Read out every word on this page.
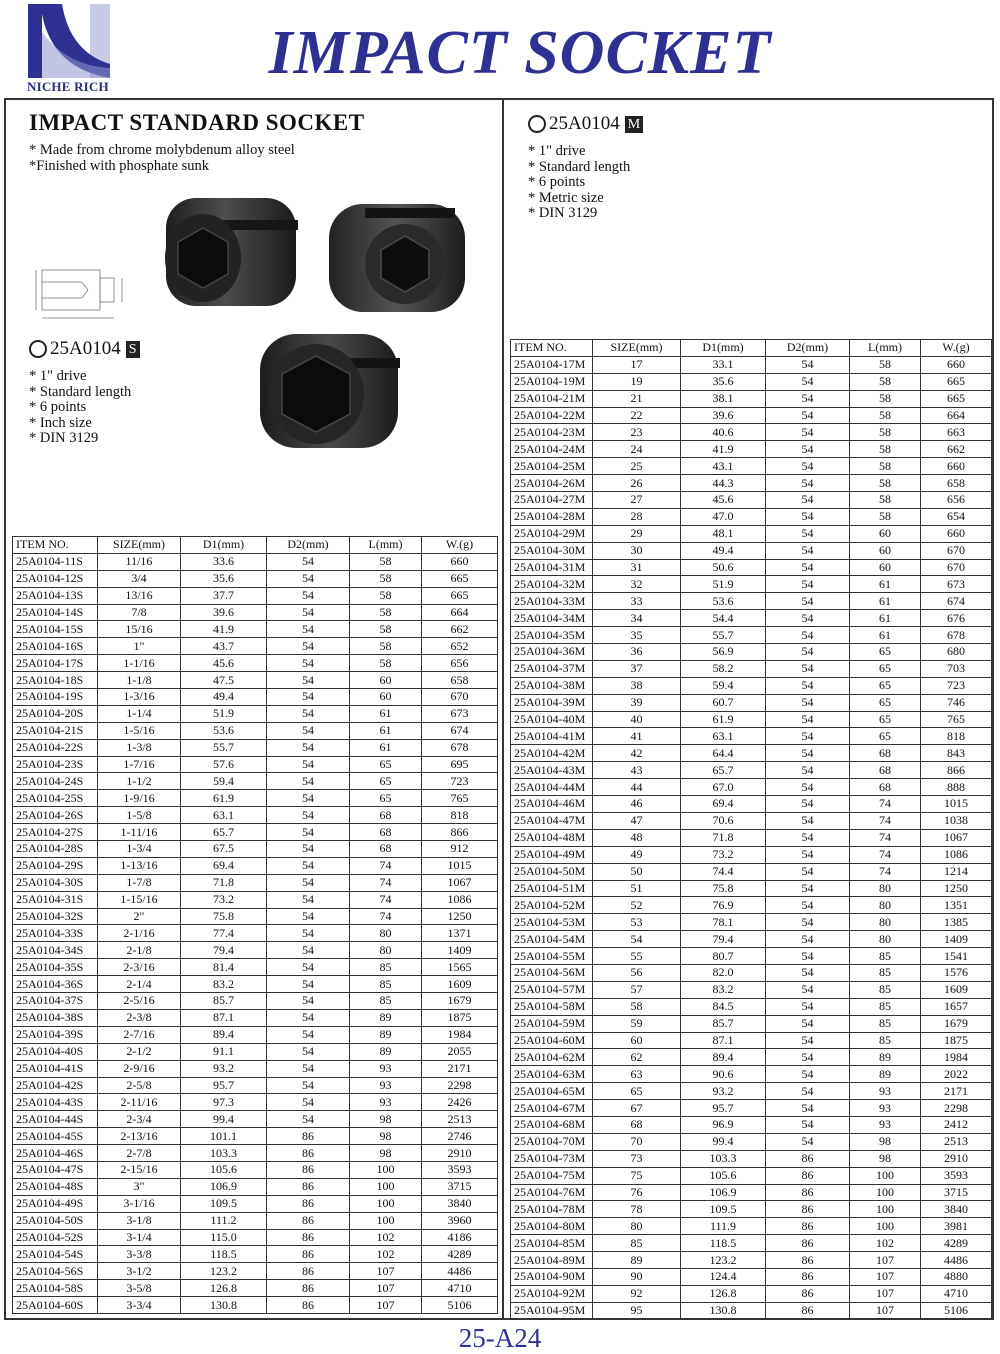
NICHE RICH	IMPACT SOCKET
IMPACT STANDARD SOCKET
* Made from chrome molybdenum alloy steel
*Finished with phosphate sunk
25A0104 S
* 1" drive
* Standard length
* 6 points
* Inch size
* DIN 3129
ITEM NO.	SIZE(mm)	D1(mm)	D2(mm)	L(mm)	W.(g)
25A0104-11S	11/16	33.6	54	58	660
25A0104-12S	3/4	35.6	54	58	665
25A0104-13S	13/16	37.7	54	58	665
25A0104-14S	7/8	39.6	54	58	664
25A0104-15S	15/16	41.9	54	58	662
25A0104-16S	1"	43.7	54	58	652
25A0104-17S	1-1/16	45.6	54	58	656
25A0104-18S	1-1/8	47.5	54	60	658
25A0104-19S	1-3/16	49.4	54	60	670
25A0104-20S	1-1/4	51.9	54	61	673
25A0104-21S	1-5/16	53.6	54	61	674
25A0104-22S	1-3/8	55.7	54	61	678
25A0104-23S	1-7/16	57.6	54	65	695
25A0104-24S	1-1/2	59.4	54	65	723
25A0104-25S	1-9/16	61.9	54	65	765
25A0104-26S	1-5/8	63.1	54	68	818
25A0104-27S	1-11/16	65.7	54	68	866
25A0104-28S	1-3/4	67.5	54	68	912
25A0104-29S	1-13/16	69.4	54	74	1015
25A0104-30S	1-7/8	71.8	54	74	1067
25A0104-31S	1-15/16	73.2	54	74	1086
25A0104-32S	2"	75.8	54	74	1250
25A0104-33S	2-1/16	77.4	54	80	1371
25A0104-34S	2-1/8	79.4	54	80	1409
25A0104-35S	2-3/16	81.4	54	85	1565
25A0104-36S	2-1/4	83.2	54	85	1609
25A0104-37S	2-5/16	85.7	54	85	1679
25A0104-38S	2-3/8	87.1	54	89	1875
25A0104-39S	2-7/16	89.4	54	89	1984
25A0104-40S	2-1/2	91.1	54	89	2055
25A0104-41S	2-9/16	93.2	54	93	2171
25A0104-42S	2-5/8	95.7	54	93	2298
25A0104-43S	2-11/16	97.3	54	93	2426
25A0104-44S	2-3/4	99.4	54	98	2513
25A0104-45S	2-13/16	101.1	86	98	2746
25A0104-46S	2-7/8	103.3	86	98	2910
25A0104-47S	2-15/16	105.6	86	100	3593
25A0104-48S	3"	106.9	86	100	3715
25A0104-49S	3-1/16	109.5	86	100	3840
25A0104-50S	3-1/8	111.2	86	100	3960
25A0104-52S	3-1/4	115.0	86	102	4186
25A0104-54S	3-3/8	118.5	86	102	4289
25A0104-56S	3-1/2	123.2	86	107	4486
25A0104-58S	3-5/8	126.8	86	107	4710
25A0104-60S	3-3/4	130.8	86	107	5106
25A0104 M
* 1" drive
* Standard length
* 6 points
* Metric size
* DIN 3129
ITEM NO.	SIZE(mm)	D1(mm)	D2(mm)	L(mm)	W.(g)
25A0104-17M	17	33.1	54	58	660
25A0104-19M	19	35.6	54	58	665
25A0104-21M	21	38.1	54	58	665
25A0104-22M	22	39.6	54	58	664
25A0104-23M	23	40.6	54	58	663
25A0104-24M	24	41.9	54	58	662
25A0104-25M	25	43.1	54	58	660
25A0104-26M	26	44.3	54	58	658
25A0104-27M	27	45.6	54	58	656
25A0104-28M	28	47.0	54	58	654
25A0104-29M	29	48.1	54	60	660
25A0104-30M	30	49.4	54	60	670
25A0104-31M	31	50.6	54	60	670
25A0104-32M	32	51.9	54	61	673
25A0104-33M	33	53.6	54	61	674
25A0104-34M	34	54.4	54	61	676
25A0104-35M	35	55.7	54	61	678
25A0104-36M	36	56.9	54	65	680
25A0104-37M	37	58.2	54	65	703
25A0104-38M	38	59.4	54	65	723
25A0104-39M	39	60.7	54	65	746
25A0104-40M	40	61.9	54	65	765
25A0104-41M	41	63.1	54	65	818
25A0104-42M	42	64.4	54	68	843
25A0104-43M	43	65.7	54	68	866
25A0104-44M	44	67.0	54	68	888
25A0104-46M	46	69.4	54	74	1015
25A0104-47M	47	70.6	54	74	1038
25A0104-48M	48	71.8	54	74	1067
25A0104-49M	49	73.2	54	74	1086
25A0104-50M	50	74.4	54	74	1214
25A0104-51M	51	75.8	54	80	1250
25A0104-52M	52	76.9	54	80	1351
25A0104-53M	53	78.1	54	80	1385
25A0104-54M	54	79.4	54	80	1409
25A0104-55M	55	80.7	54	85	1541
25A0104-56M	56	82.0	54	85	1576
25A0104-57M	57	83.2	54	85	1609
25A0104-58M	58	84.5	54	85	1657
25A0104-59M	59	85.7	54	85	1679
25A0104-60M	60	87.1	54	85	1875
25A0104-62M	62	89.4	54	89	1984
25A0104-63M	63	90.6	54	89	2022
25A0104-65M	65	93.2	54	93	2171
25A0104-67M	67	95.7	54	93	2298
25A0104-68M	68	96.9	54	93	2412
25A0104-70M	70	99.4	54	98	2513
25A0104-73M	73	103.3	86	98	2910
25A0104-75M	75	105.6	86	100	3593
25A0104-76M	76	106.9	86	100	3715
25A0104-78M	78	109.5	86	100	3840
25A0104-80M	80	111.9	86	100	3981
25A0104-85M	85	118.5	86	102	4289
25A0104-89M	89	123.2	86	107	4486
25A0104-90M	90	124.4	86	107	4880
25A0104-92M	92	126.8	86	107	4710
25A0104-95M	95	130.8	86	107	5106
25-A24
